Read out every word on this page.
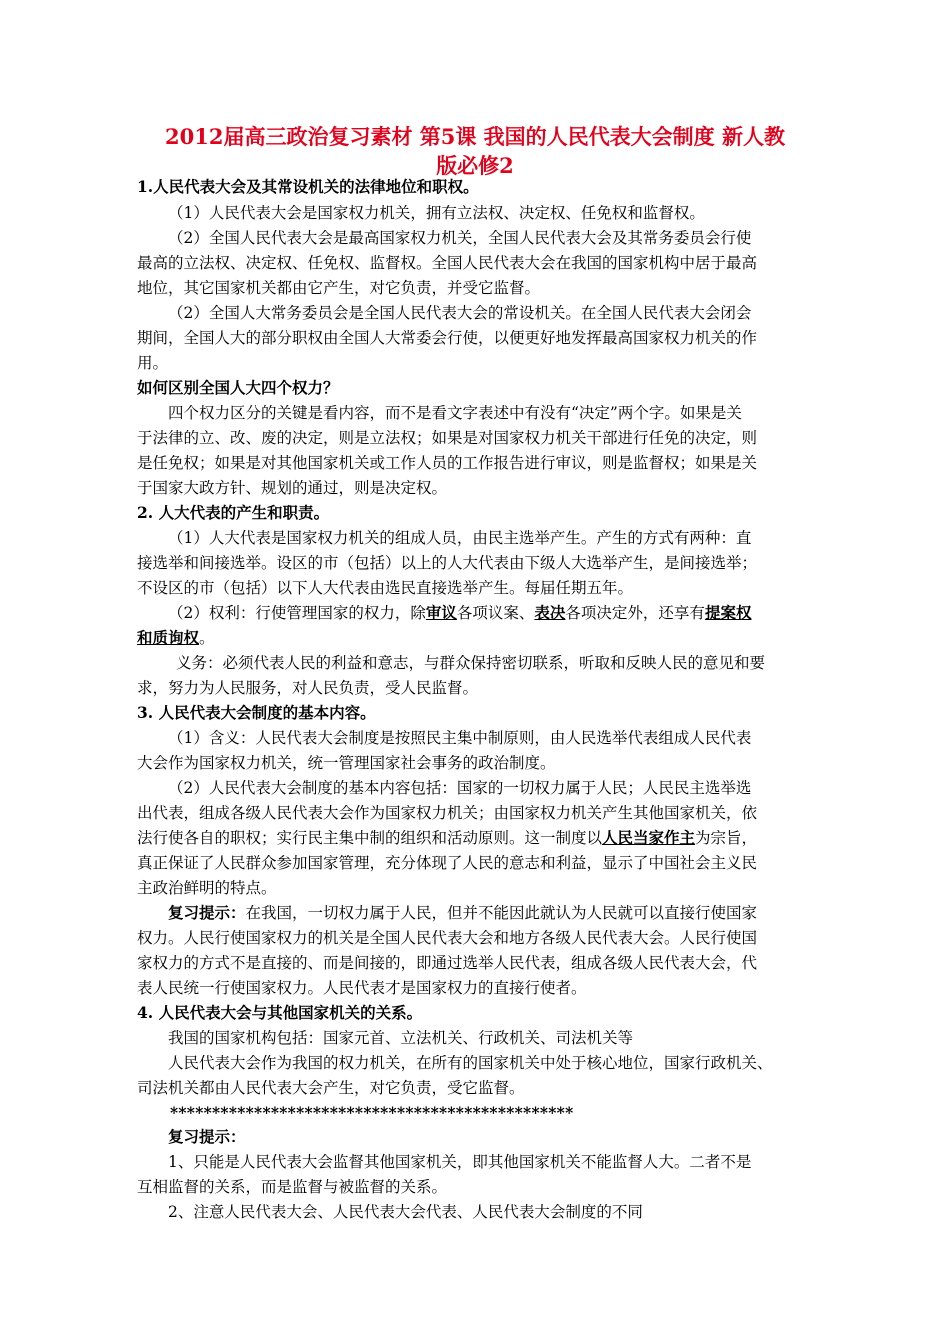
2012届高三政治复习素材 第5课 我国的人民代表大会制度 新人教
版必修2

1.人民代表大会及其常设机关的法律地位和职权。

（1）人民代表大会是国家权力机关，拥有立法权、决定权、任免权和监督权。

（2）全国人民代表大会是最高国家权力机关，全国人民代表大会及其常务委员会行使

最高的立法权、决定权、任免权、监督权。全国人民代表大会在我国的国家机构中居于最高

地位，其它国家机关都由它产生，对它负责，并受它监督。

（2）全国人大常务委员会是全国人民代表大会的常设机关。在全国人民代表大会闭会

期间，全国人大的部分职权由全国人大常委会行使，以便更好地发挥最高国家权力机关的作

用。

如何区别全国人大四个权力？

四个权力区分的关键是看内容，而不是看文字表述中有没有“决定”两个字。如果是关

于法律的立、改、废的决定，则是立法权；如果是对国家权力机关干部进行任免的决定，则

是任免权；如果是对其他国家机关或工作人员的工作报告进行审议，则是监督权；如果是关

于国家大政方针、规划的通过，则是决定权。

2. 人大代表的产生和职责。

（1）人大代表是国家权力机关的组成人员，由民主选举产生。产生的方式有两种：直

接选举和间接选举。设区的市（包括）以上的人大代表由下级人大选举产生，是间接选举；

不设区的市（包括）以下人大代表由选民直接选举产生。每届任期五年。

（2）权利：行使管理国家的权力，除审议各项议案、表决各项决定外，还享有提案权

和质询权。

义务：必须代表人民的利益和意志，与群众保持密切联系，听取和反映人民的意见和要

求，努力为人民服务，对人民负责，受人民监督。

3. 人民代表大会制度的基本内容。

（1）含义：人民代表大会制度是按照民主集中制原则，由人民选举代表组成人民代表

大会作为国家权力机关，统一管理国家社会事务的政治制度。

（2）人民代表大会制度的基本内容包括：国家的一切权力属于人民；人民民主选举选

出代表，组成各级人民代表大会作为国家权力机关；由国家权力机关产生其他国家机关，依

法行使各自的职权；实行民主集中制的组织和活动原则。这一制度以人民当家作主为宗旨，

真正保证了人民群众参加国家管理，充分体现了人民的意志和利益，显示了中国社会主义民

主政治鲜明的特点。

复习提示：在我国，一切权力属于人民，但并不能因此就认为人民就可以直接行使国家

权力。人民行使国家权力的机关是全国人民代表大会和地方各级人民代表大会。人民行使国

家权力的方式不是直接的、而是间接的，即通过选举人民代表，组成各级人民代表大会，代

表人民统一行使国家权力。人民代表才是国家权力的直接行使者。

4. 人民代表大会与其他国家机关的关系。

我国的国家机构包括：国家元首、立法机关、行政机关、司法机关等

人民代表大会作为我国的权力机关，在所有的国家机关中处于核心地位，国家行政机关、

司法机关都由人民代表大会产生，对它负责，受它监督。

************************************************

复习提示：

1、只能是人民代表大会监督其他国家机关，即其他国家机关不能监督人大。二者不是

互相监督的关系，而是监督与被监督的关系。

2、注意人民代表大会、人民代表大会代表、人民代表大会制度的不同
